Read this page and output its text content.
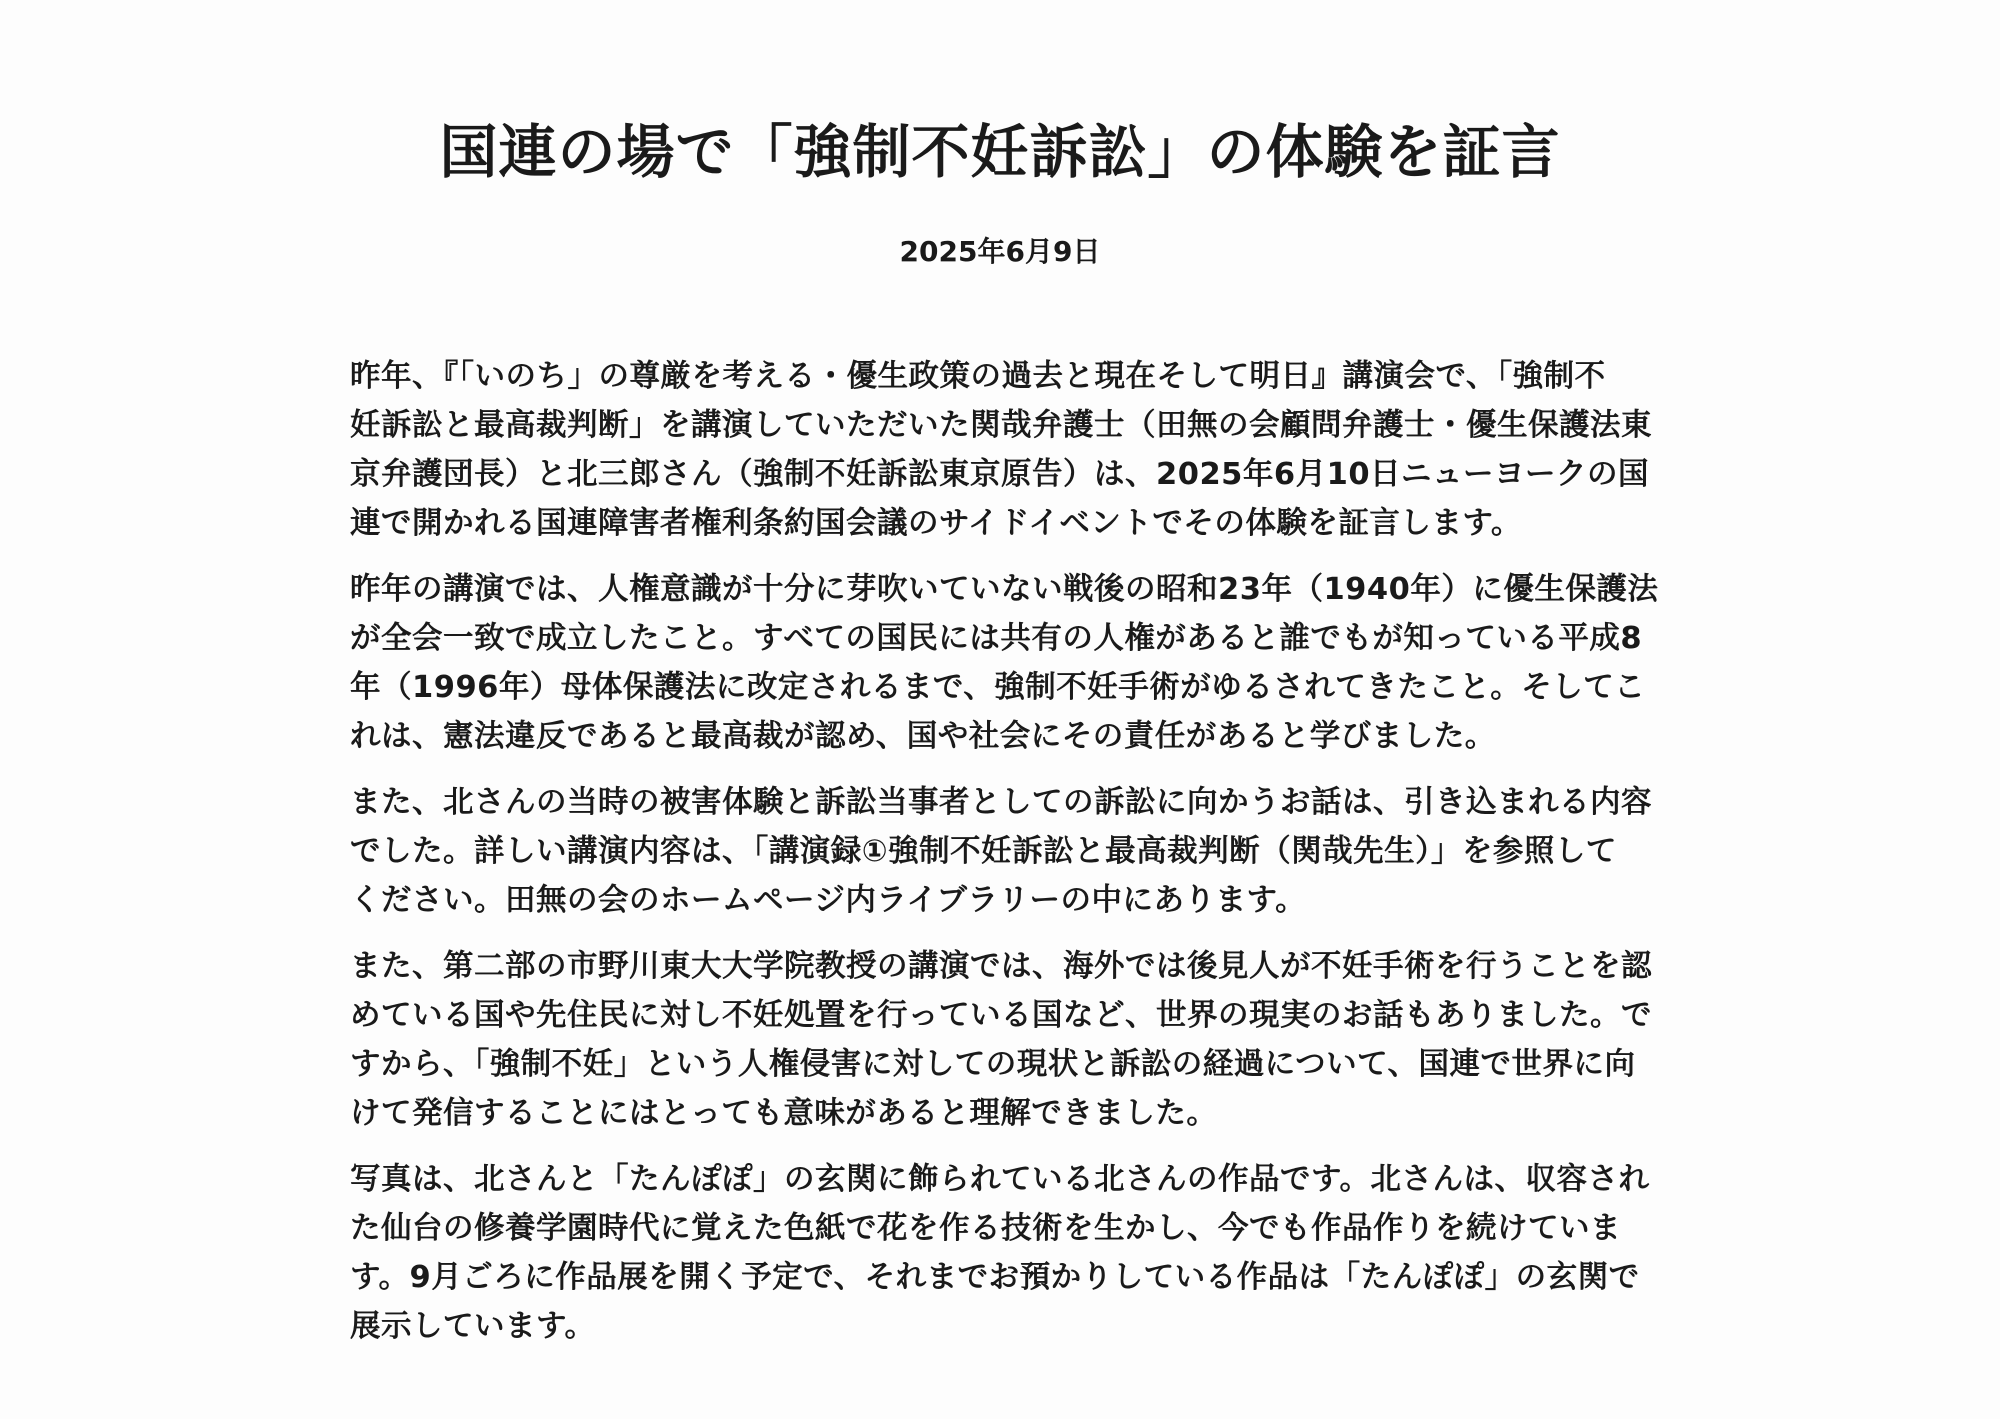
国連の場で「強制不妊訴訟」の体験を証言
2025年6月9日
昨年、『「いのち」の尊厳を考える・優生政策の過去と現在そして明日』講演会で、「強制不
妊訴訟と最高裁判断」を講演していただいた関哉弁護士（田無の会顧問弁護士・優生保護法東
京弁護団長）と北三郎さん（強制不妊訴訟東京原告）は、2025年6月10日ニューヨークの国
連で開かれる国連障害者権利条約国会議のサイドイベントでその体験を証言します。
昨年の講演では、人権意識が十分に芽吹いていない戦後の昭和23年（1940年）に優生保護法
が全会一致で成立したこと。すべての国民には共有の人権があると誰でもが知っている平成8
年（1996年）母体保護法に改定されるまで、強制不妊手術がゆるされてきたこと。そしてこ
れは、憲法違反であると最高裁が認め、国や社会にその責任があると学びました。
また、北さんの当時の被害体験と訴訟当事者としての訴訟に向かうお話は、引き込まれる内容
でした。詳しい講演内容は、「講演録①強制不妊訴訟と最高裁判断（関哉先生）」を参照して
ください。田無の会のホームページ内ライブラリーの中にあります。
また、第二部の市野川東大大学院教授の講演では、海外では後見人が不妊手術を行うことを認
めている国や先住民に対し不妊処置を行っている国など、世界の現実のお話もありました。で
すから、「強制不妊」という人権侵害に対しての現状と訴訟の経過について、国連で世界に向
けて発信することにはとっても意味があると理解できました。
写真は、北さんと「たんぽぽ」の玄関に飾られている北さんの作品です。北さんは、収容され
た仙台の修養学園時代に覚えた色紙で花を作る技術を生かし、今でも作品作りを続けていま
す。9月ごろに作品展を開く予定で、それまでお預かりしている作品は「たんぽぽ」の玄関で
展示しています。
